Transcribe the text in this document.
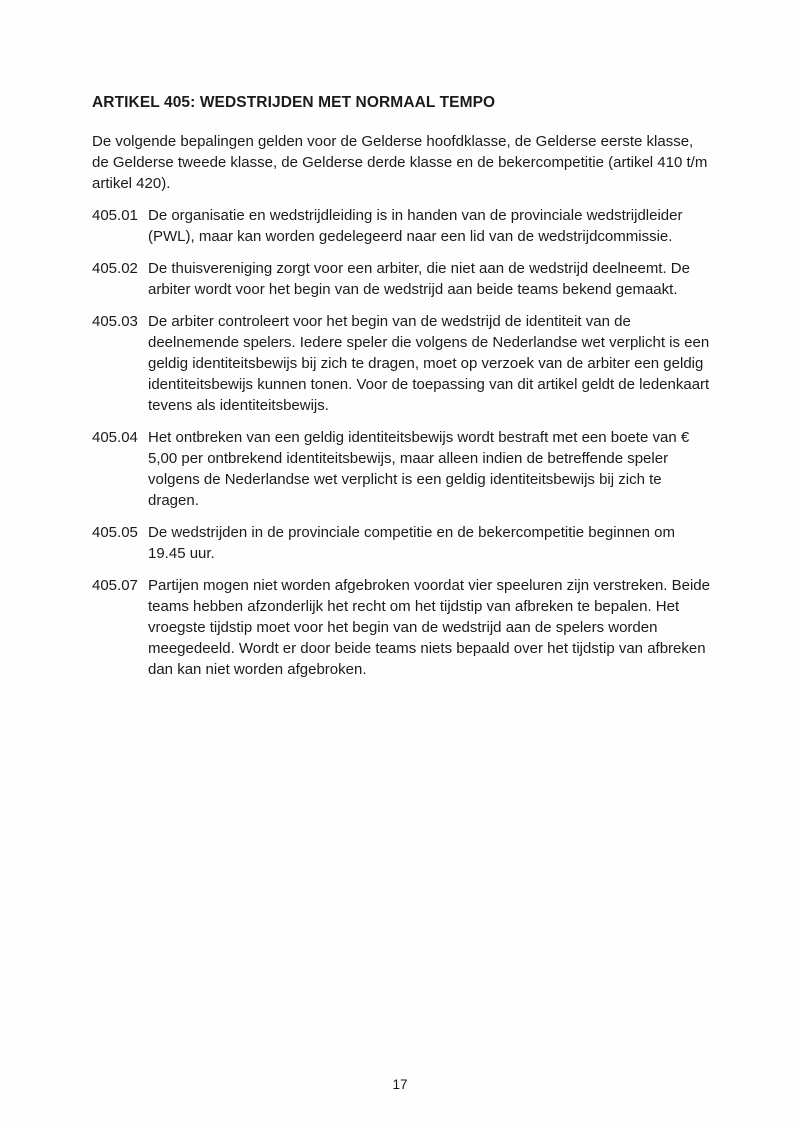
ARTIKEL 405: WEDSTRIJDEN MET NORMAAL TEMPO

De volgende bepalingen gelden voor de Gelderse hoofdklasse, de Gelderse eerste klasse, de Gelderse tweede klasse, de Gelderse derde klasse en de bekercompetitie (artikel 410 t/m artikel 420).

405.01 De organisatie en wedstrijdleiding is in handen van de provinciale wedstrijdleider (PWL), maar kan worden gedelegeerd naar een lid van de wedstrijdcommissie.
405.02 De thuisvereniging zorgt voor een arbiter, die niet aan de wedstrijd deelneemt. De arbiter wordt voor het begin van de wedstrijd aan beide teams bekend gemaakt.
405.03 De arbiter controleert voor het begin van de wedstrijd de identiteit van de deelnemende spelers. Iedere speler die volgens de Nederlandse wet verplicht is een geldig identiteitsbewijs bij zich te dragen, moet op verzoek van de arbiter een geldig identiteitsbewijs kunnen tonen. Voor de toepassing van dit artikel geldt de ledenkaart tevens als identiteitsbewijs.
405.04 Het ontbreken van een geldig identiteitsbewijs wordt bestraft met een boete van € 5,00 per ontbrekend identiteitsbewijs, maar alleen indien de betreffende speler volgens de Nederlandse wet verplicht is een geldig identiteitsbewijs bij zich te dragen.
405.05 De wedstrijden in de provinciale competitie en de bekercompetitie beginnen om 19.45 uur.
405.07 Partijen mogen niet worden afgebroken voordat vier speeluren zijn verstreken. Beide teams hebben afzonderlijk het recht om het tijdstip van afbreken te bepalen. Het vroegste tijdstip moet voor het begin van de wedstrijd aan de spelers worden meegedeeld. Wordt er door beide teams niets bepaald over het tijdstip van afbreken dan kan niet worden afgebroken.
17
